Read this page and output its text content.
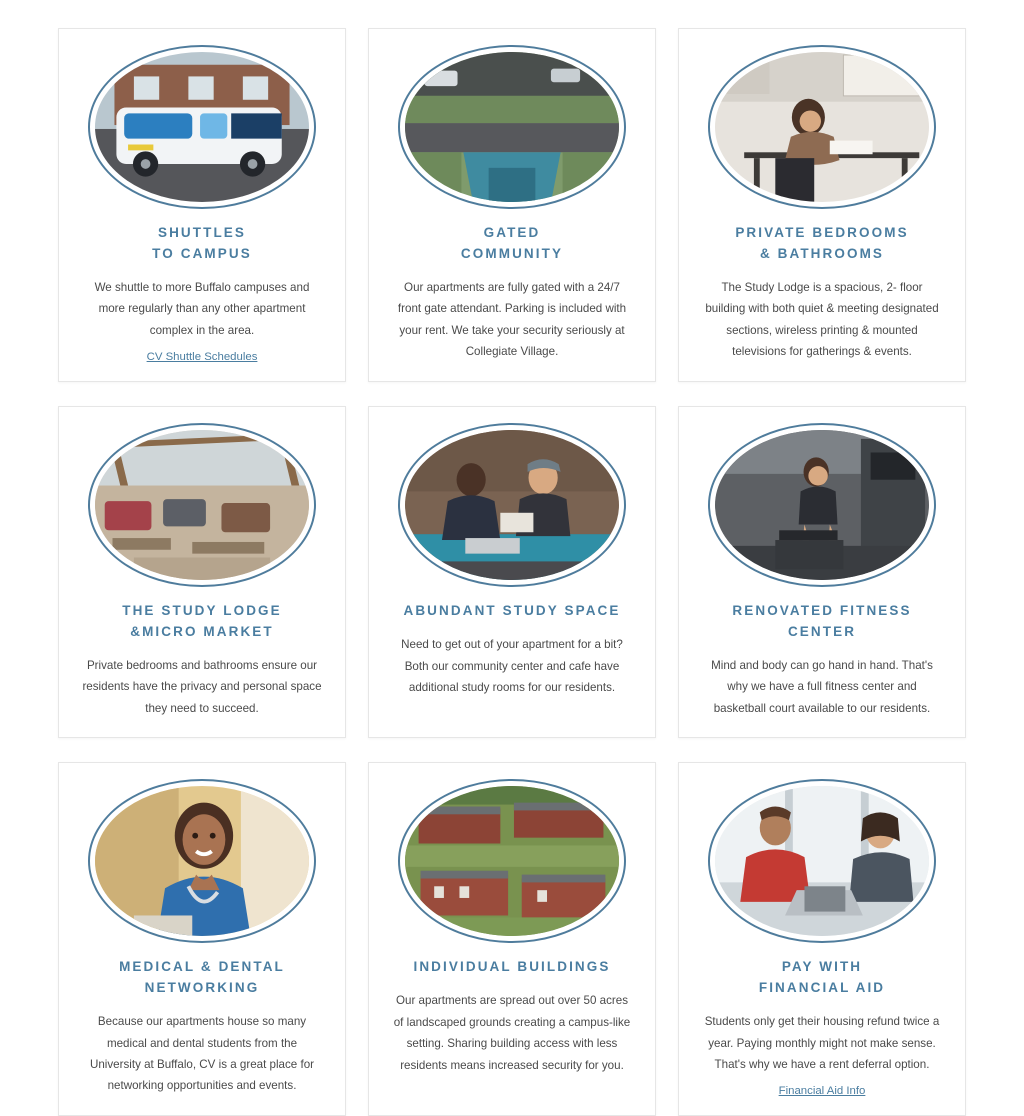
SHUTTLES
TO CAMPUS

We shuttle to more Buffalo campuses and more regularly than any other apartment complex in the area.

CV Shuttle Schedules
GATED
COMMUNITY

Our apartments are fully gated with a 24/7 front gate attendant. Parking is included with your rent. We take your security seriously at Collegiate Village.

PRIVATE BEDROOMS
& BATHROOMS

The Study Lodge is a spacious, 2- floor building with both quiet & meeting designated sections, wireless printing & mounted televisions for gatherings & events.

THE STUDY LODGE
&MICRO MARKET

Private bedrooms and bathrooms ensure our residents have the privacy and personal space they need to succeed.

ABUNDANT STUDY SPACE

Need to get out of your apartment for a bit? Both our community center and cafe have additional study rooms for our residents.

RENOVATED FITNESS CENTER

Mind and body can go hand in hand. That's why we have a full fitness center and basketball court available to our residents.

MEDICAL & DENTAL
NETWORKING

Because our apartments house so many medical and dental students from the University at Buffalo, CV is a great place for networking opportunities and events.

INDIVIDUAL BUILDINGS

Our apartments are spread out over 50 acres of landscaped grounds creating a campus-like setting. Sharing building access with less residents means increased security for you.

PAY WITH
FINANCIAL AID

Students only get their housing refund twice a year. Paying monthly might not make sense. That's why we have a rent deferral option.

Financial Aid Info
